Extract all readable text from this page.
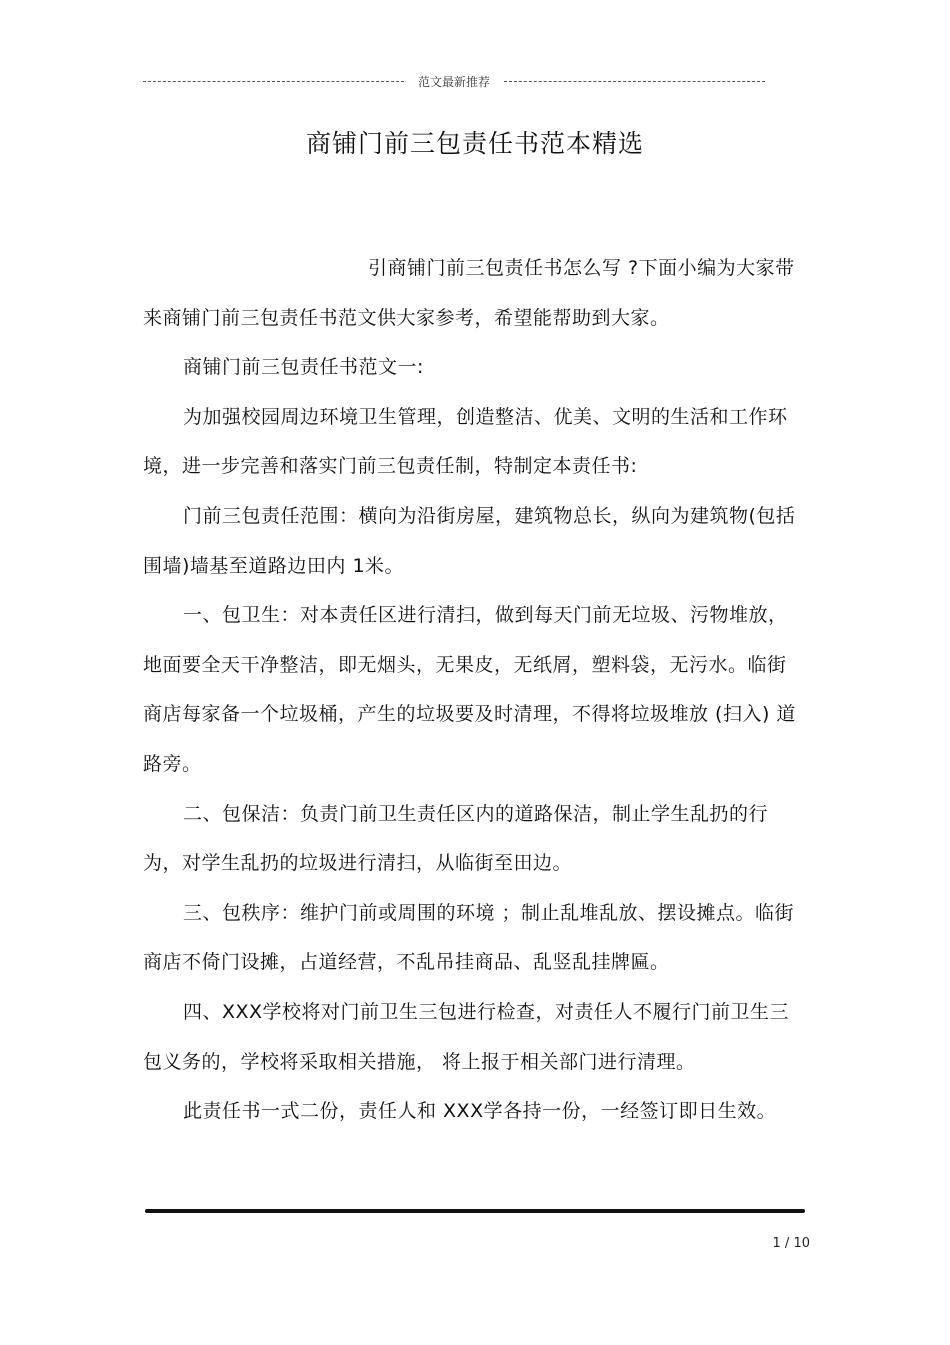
范文最新推荐
商铺门前三包责任书范本精选

引商铺门前三包责任书怎么写 ?下面小编为大家带来商铺门前三包责任书范文供大家参考，希望能帮助到大家。

商铺门前三包责任书范文一:

为加强校园周边环境卫生管理，创造整洁、优美、文明的生活和工作环境，进一步完善和落实门前三包责任制，特制定本责任书:

门前三包责任范围：横向为沿街房屋，建筑物总长，纵向为建筑物(包括围墙)墙基至道路边田内 1米。

一、包卫生：对本责任区进行清扫，做到每天门前无垃圾、污物堆放，地面要全天干净整洁，即无烟头，无果皮，无纸屑，塑料袋，无污水。临街商店每家备一个垃圾桶，产生的垃圾要及时清理，不得将垃圾堆放 (扫入) 道路旁。

二、包保洁：负责门前卫生责任区内的道路保洁，制止学生乱扔的行为，对学生乱扔的垃圾进行清扫，从临街至田边。

三、包秩序：维护门前或周围的环境 ；制止乱堆乱放、摆设摊点。临街商店不倚门设摊，占道经营，不乱吊挂商品、乱竖乱挂牌匾。

四、XXX学校将对门前卫生三包进行检查，对责任人不履行门前卫生三包义务的，学校将采取相关措施， 将上报于相关部门进行清理。

此责任书一式二份，责任人和 XXX学各持一份，一经签订即日生效。

1 / 10
